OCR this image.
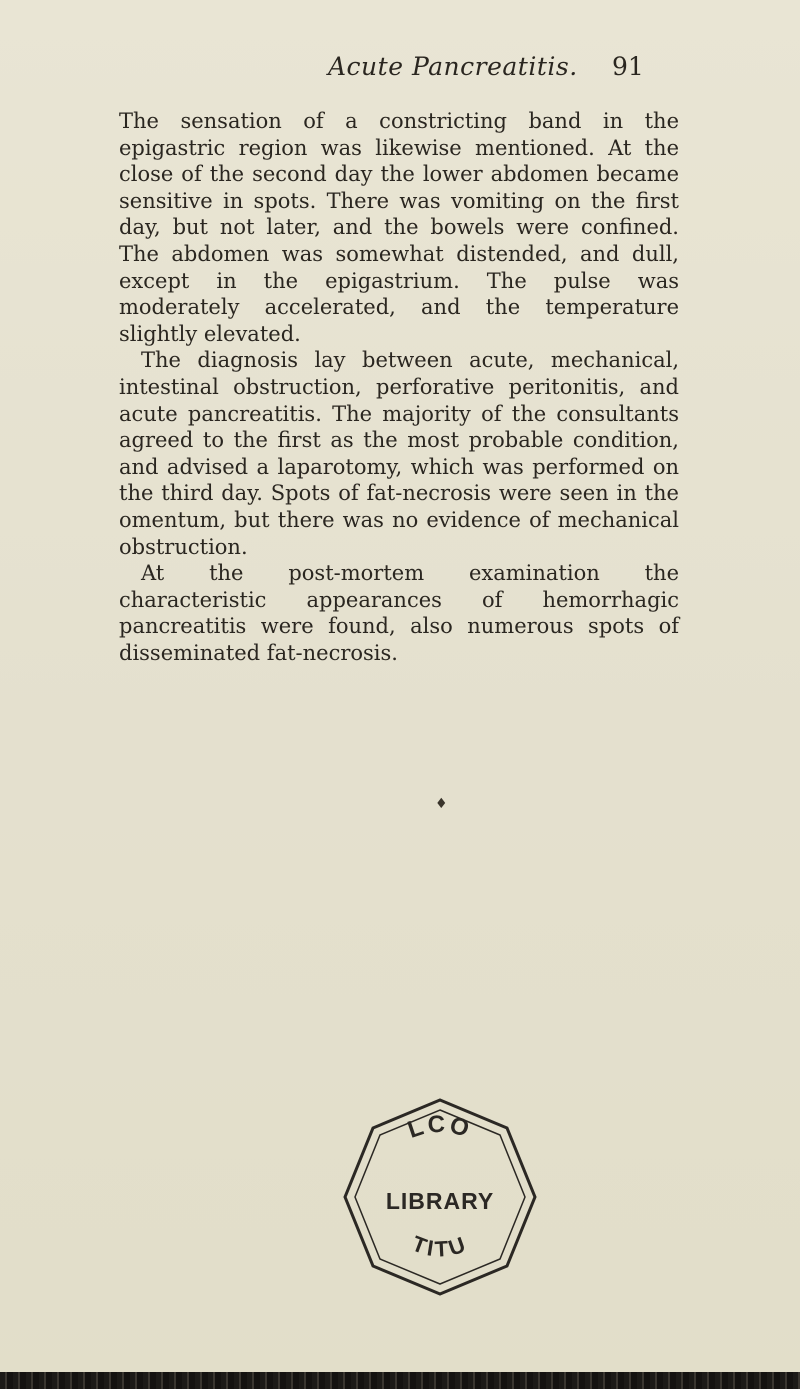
Acute Pancreatitis. 91

The sensation of a constricting band in the epigastric region was likewise mentioned. At the close of the second day the lower abdomen became sensitive in spots. There was vomiting on the first day, but not later, and the bowels were confined. The abdomen was somewhat distended, and dull, except in the epigastrium. The pulse was moderately accelerated, and the temperature slightly elevated.

The diagnosis lay between acute, mechanical, intestinal obstruction, perforative peritonitis, and acute pancreatitis. The majority of the consultants agreed to the first as the most probable condition, and advised a laparotomy, which was performed on the third day. Spots of fat-necrosis were seen in the omentum, but there was no evidence of mechanical obstruction.

At the post-mortem examination the characteristic appearances of hemorrhagic pancreatitis were found, also numerous spots of disseminated fat-necrosis.

♦
LCO
LIBRARY
TITU
